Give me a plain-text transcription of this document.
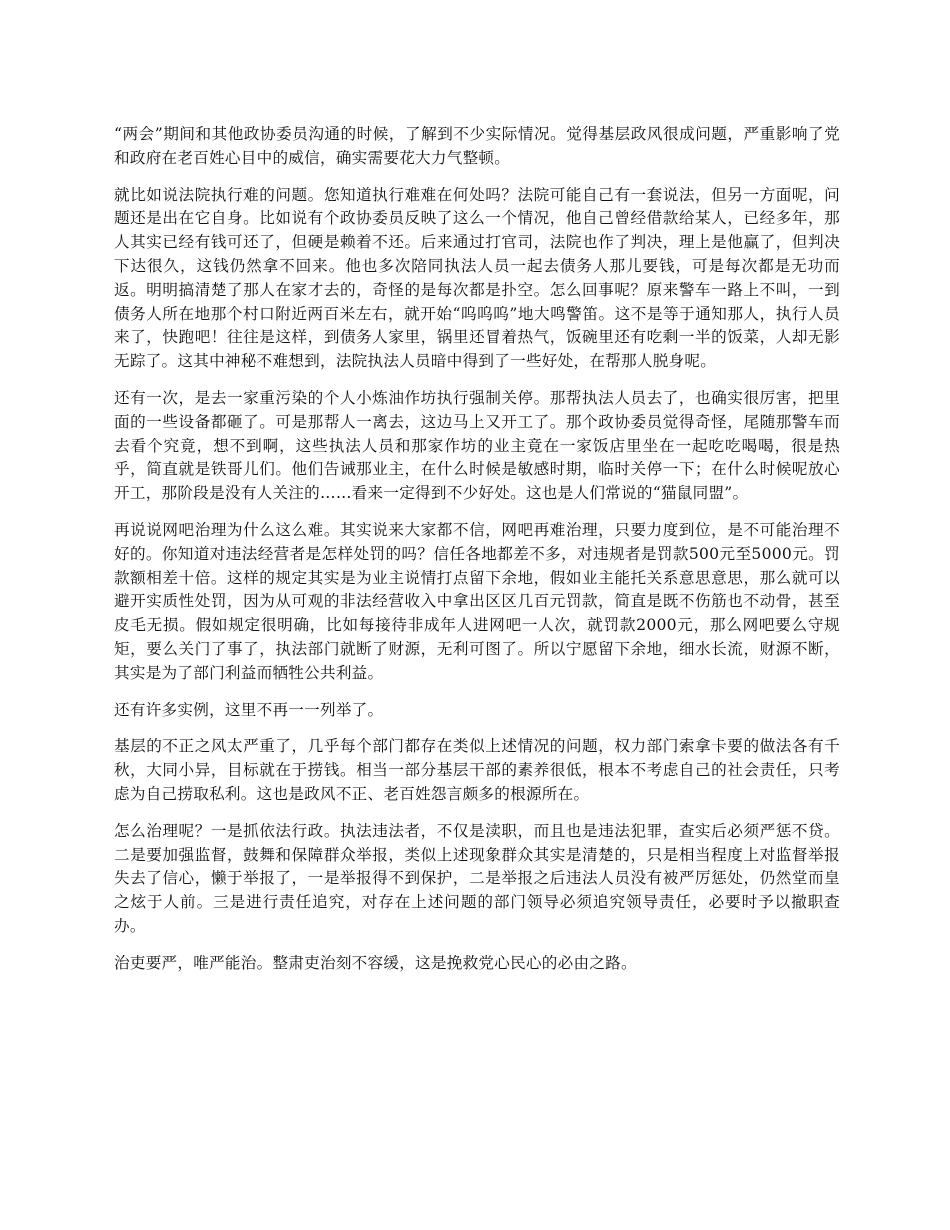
“两会”期间和其他政协委员沟通的时候，了解到不少实际情况。觉得基层政风很成问题，严重影响了党和政府在老百姓心目中的威信，确实需要花大力气整顿。

就比如说法院执行难的问题。您知道执行难难在何处吗？法院可能自己有一套说法，但另一方面呢，问题还是出在它自身。比如说有个政协委员反映了这么一个情况，他自己曾经借款给某人，已经多年，那人其实已经有钱可还了，但硬是赖着不还。后来通过打官司，法院也作了判决，理上是他赢了，但判决下达很久，这钱仍然拿不回来。他也多次陪同执法人员一起去债务人那儿要钱，可是每次都是无功而返。明明搞清楚了那人在家才去的，奇怪的是每次都是扑空。怎么回事呢？原来警车一路上不叫，一到债务人所在地那个村口附近两百米左右，就开始“呜呜呜”地大鸣警笛。这不是等于通知那人，执行人员来了，快跑吧！往往是这样，到债务人家里，锅里还冒着热气，饭碗里还有吃剩一半的饭菜，人却无影无踪了。这其中神秘不难想到，法院执法人员暗中得到了一些好处，在帮那人脱身呢。

还有一次，是去一家重污染的个人小炼油作坊执行强制关停。那帮执法人员去了，也确实很厉害，把里面的一些设备都砸了。可是那帮人一离去，这边马上又开工了。那个政协委员觉得奇怪，尾随那警车而去看个究竟，想不到啊，这些执法人员和那家作坊的业主竟在一家饭店里坐在一起吃吃喝喝，很是热乎，简直就是铁哥儿们。他们告诫那业主，在什么时候是敏感时期，临时关停一下；在什么时候呢放心开工，那阶段是没有人关注的……看来一定得到不少好处。这也是人们常说的“猫鼠同盟”。

再说说网吧治理为什么这么难。其实说来大家都不信，网吧再难治理，只要力度到位，是不可能治理不好的。你知道对违法经营者是怎样处罚的吗？信任各地都差不多，对违规者是罚款500元至5000元。罚款额相差十倍。这样的规定其实是为业主说情打点留下余地，假如业主能托关系意思意思，那么就可以避开实质性处罚，因为从可观的非法经营收入中拿出区区几百元罚款，简直是既不伤筋也不动骨，甚至皮毛无损。假如规定很明确，比如每接待非成年人进网吧一人次，就罚款2000元，那么网吧要么守规矩，要么关门了事了，执法部门就断了财源，无利可图了。所以宁愿留下余地，细水长流，财源不断，其实是为了部门利益而牺牲公共利益。

还有许多实例，这里不再一一列举了。

基层的不正之风太严重了，几乎每个部门都存在类似上述情况的问题，权力部门索拿卡要的做法各有千秋，大同小异，目标就在于捞钱。相当一部分基层干部的素养很低，根本不考虑自己的社会责任，只考虑为自己捞取私利。这也是政风不正、老百姓怨言颇多的根源所在。

怎么治理呢？一是抓依法行政。执法违法者，不仅是渎职，而且也是违法犯罪，查实后必须严惩不贷。二是要加强监督，鼓舞和保障群众举报，类似上述现象群众其实是清楚的，只是相当程度上对监督举报失去了信心，懒于举报了，一是举报得不到保护，二是举报之后违法人员没有被严厉惩处，仍然堂而皇之炫于人前。三是进行责任追究，对存在上述问题的部门领导必须追究领导责任，必要时予以撤职查办。

治吏要严，唯严能治。整肃吏治刻不容缓，这是挽救党心民心的必由之路。
